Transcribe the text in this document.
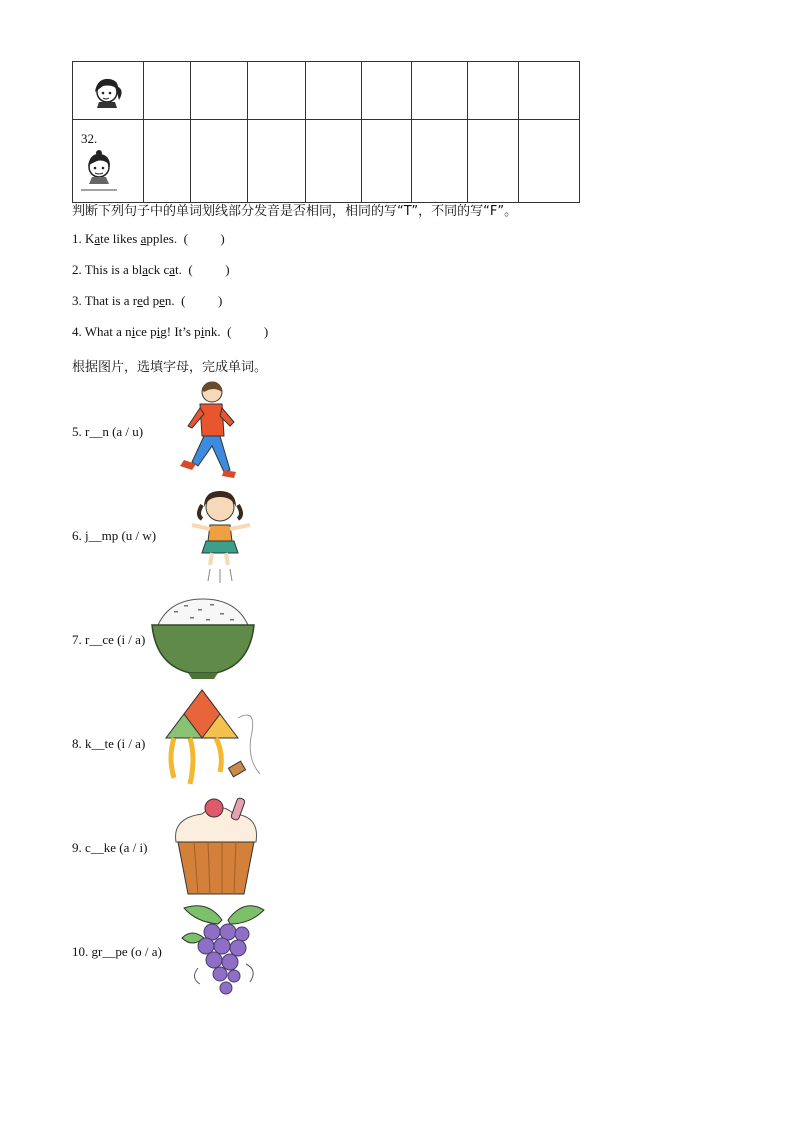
32.								

判断下列句子中的单词划线部分发音是否相同，相同的写“T”，不同的写“F”。
1. Kate likes apples.  (          )
2. This is a black cat.  (          )
3. That is a red pen.  (          )
4. What a nice pig! It’s pink.  (          )
根据图片，选填字母，完成单词。
5. r__n (a / u)
6. j__mp (u / w)
7. r__ce (i / a)
8. k__te (i / a)
9. c__ke (a / i)
10. gr__pe (o / a)
